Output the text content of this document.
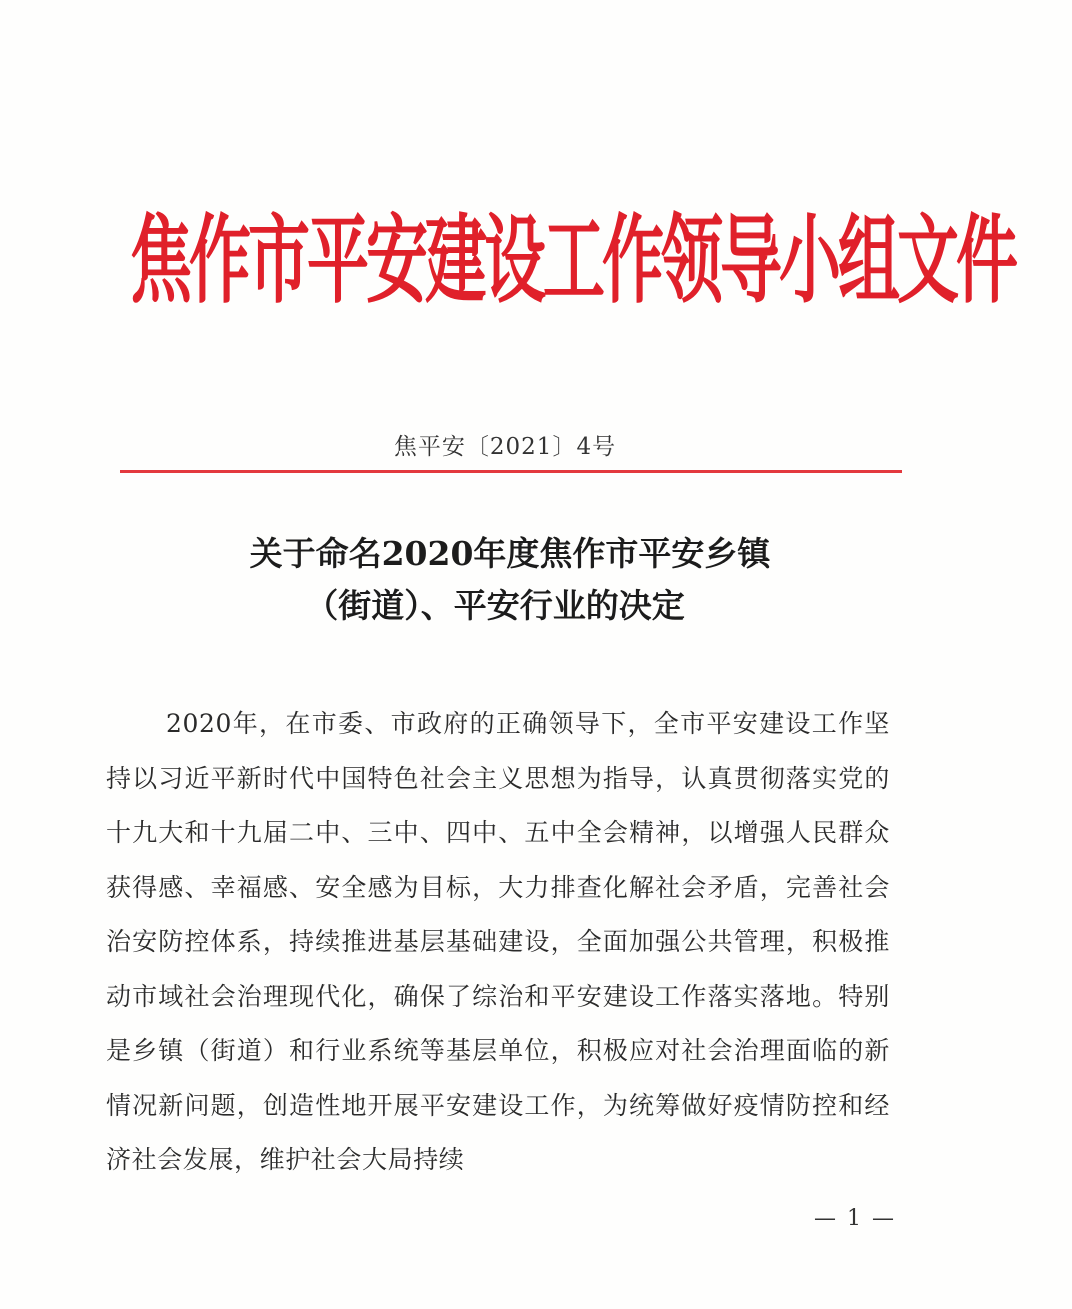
焦作市平安建设工作领导小组文件
焦平安〔2021〕4号
关于命名2020年度焦作市平安乡镇
（街道）、平安行业的决定
2020年，在市委、市政府的正确领导下，全市平安建设工作坚持以习近平新时代中国特色社会主义思想为指导，认真贯彻落实党的十九大和十九届二中、三中、四中、五中全会精神，以增强人民群众获得感、幸福感、安全感为目标，大力排查化解社会矛盾，完善社会治安防控体系，持续推进基层基础建设，全面加强公共管理，积极推动市域社会治理现代化，确保了综治和平安建设工作落实落地。特别是乡镇（街道）和行业系统等基层单位，积极应对社会治理面临的新情况新问题，创造性地开展平安建设工作，为统筹做好疫情防控和经济社会发展，维护社会大局持续
— 1 —
